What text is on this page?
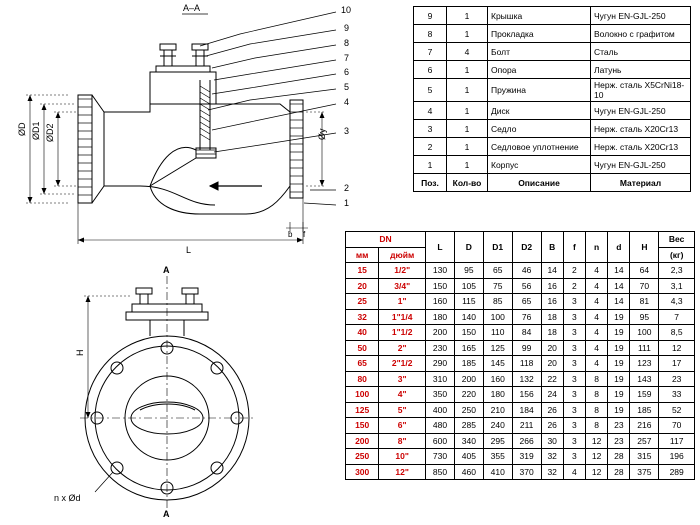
A–A	10
9
8
7
6
5
4
3
2
1
ØD ØD1 ØD2	Øy
L
b f
H
n x Ød
A
A
9	1	Крышка	Чугун EN-GJL-250
8	1	Прокладка	Волокно с графитом
7	4	Болт	Сталь
6	1	Опора	Латунь
5	1	Пружина	Нерж. сталь X5CrNi18-10
4	1	Диск	Чугун EN-GJL-250
3	1	Седло	Нерж. сталь X20Cr13
2	1	Седловое уплотнение	Нерж. сталь X20Cr13
1	1	Корпус	Чугун EN-GJL-250
Поз.	Кол-во	Описание	Материал
DN		L	D	D1	D2	B	f	n	d	H	Вес
мм	дюйм										(кг)
15	1/2"	130	95	65	46	14	2	4	14	64	2,3
20	3/4"	150	105	75	56	16	2	4	14	70	3,1
25	1"	160	115	85	65	16	3	4	14	81	4,3
32	1"1/4	180	140	100	76	18	3	4	19	95	7
40	1"1/2	200	150	110	84	18	3	4	19	100	8,5
50	2"	230	165	125	99	20	3	4	19	111	12
65	2"1/2	290	185	145	118	20	3	4	19	123	17
80	3"	310	200	160	132	22	3	8	19	143	23
100	4"	350	220	180	156	24	3	8	19	159	33
125	5"	400	250	210	184	26	3	8	19	185	52
150	6"	480	285	240	211	26	3	8	23	216	70
200	8"	600	340	295	266	30	3	12	23	257	117
250	10"	730	405	355	319	32	3	12	28	315	196
300	12"	850	460	410	370	32	4	12	28	375	289
